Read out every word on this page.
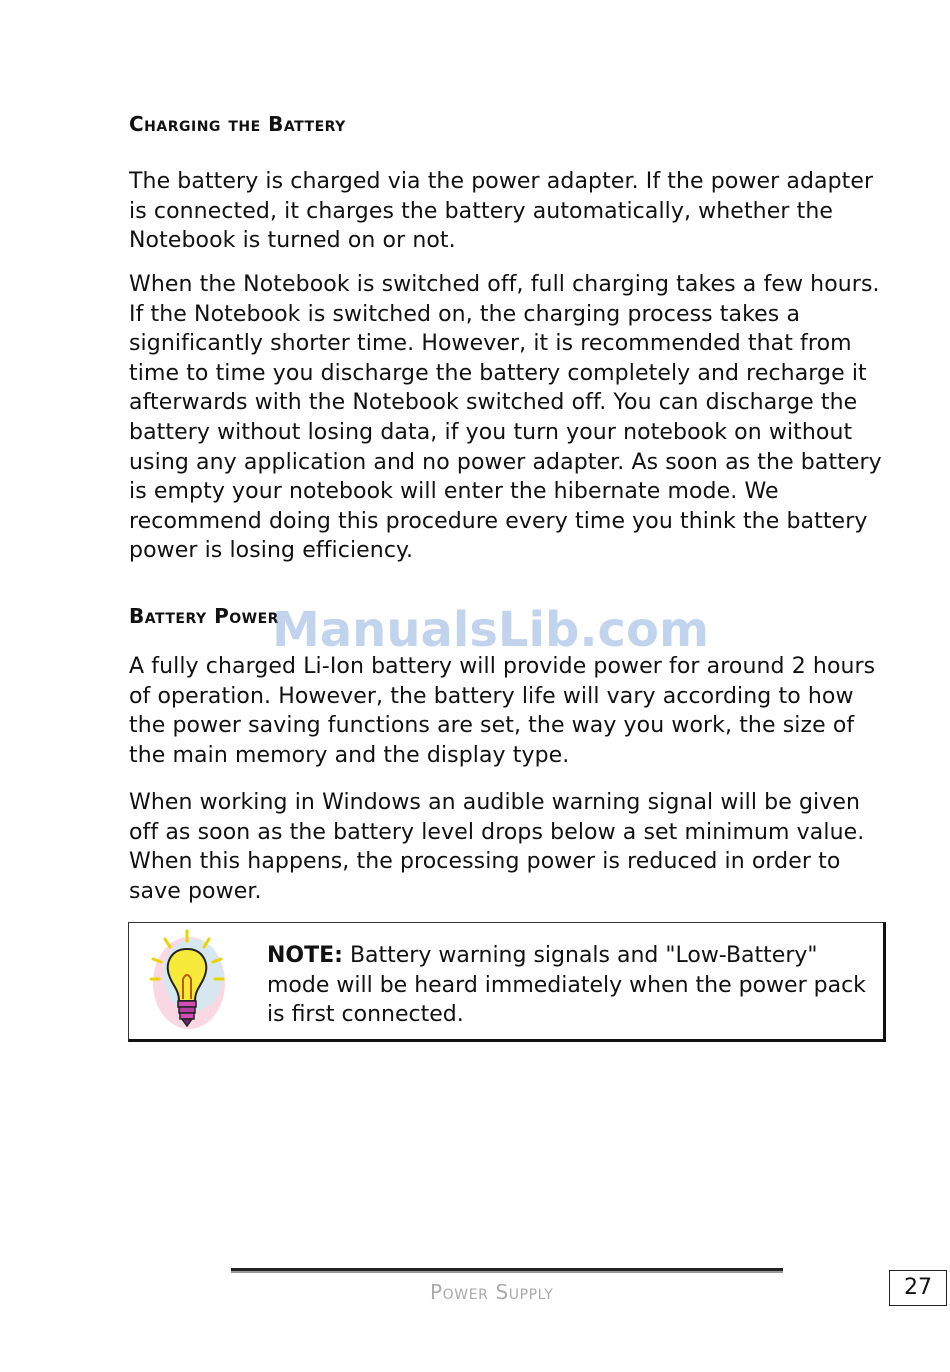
Charging the Battery

The battery is charged via the power adapter. If the power adapter is connected, it charges the battery automatically, whether the Notebook is turned on or not.

When the Notebook is switched off, full charging takes a few hours. If the Notebook is switched on, the charging process takes a significantly shorter time. However, it is recommended that from time to time you discharge the battery completely and recharge it afterwards with the Notebook switched off. You can discharge the battery without losing data, if you turn your notebook on without using any application and no power adapter. As soon as the battery is empty your notebook will enter the hibernate mode. We recommend doing this procedure every time you think the battery power is losing efficiency.

Battery Power

A fully charged Li-Ion battery will provide power for around 2 hours of operation. However, the battery life will vary according to how the power saving functions are set, the way you work, the size of the main memory and the display type.

When working in Windows an audible warning signal will be given off as soon as the battery level drops below a set minimum value. When this happens, the processing power is reduced in order to save power.

ManualsLib.com

NOTE: Battery warning signals and "Low-Battery" mode will be heard immediately when the power pack is first connected.

Power Supply	27
